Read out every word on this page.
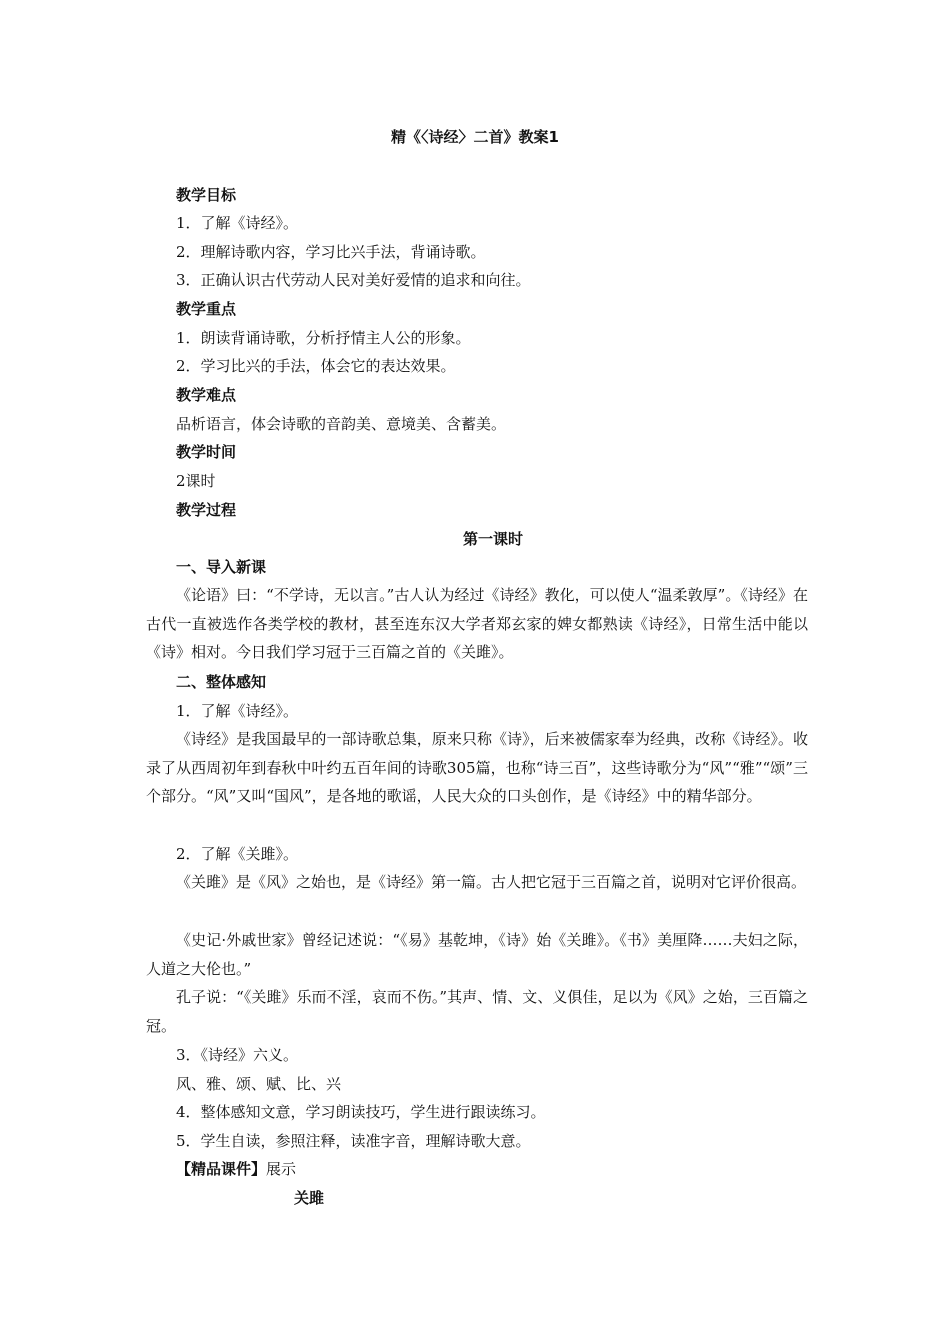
精《〈诗经〉二首》教案1
教学目标
1．了解《诗经》。
2．理解诗歌内容，学习比兴手法，背诵诗歌。
3．正确认识古代劳动人民对美好爱情的追求和向往。
教学重点
1．朗读背诵诗歌，分析抒情主人公的形象。
2．学习比兴的手法，体会它的表达效果。
教学难点
品析语言，体会诗歌的音韵美、意境美、含蓄美。
教学时间
2课时
教学过程
第一课时
一、导入新课
《论语》曰：“不学诗，无以言。”古人认为经过《诗经》教化，可以使人“温柔敦厚”。《诗经》在古代一直被选作各类学校的教材，甚至连东汉大学者郑玄家的婢女都熟读《诗经》，日常生活中能以《诗》相对。今日我们学习冠于三百篇之首的《关雎》。
二、整体感知
1．了解《诗经》。
《诗经》是我国最早的一部诗歌总集，原来只称《诗》，后来被儒家奉为经典，改称《诗经》。收录了从西周初年到春秋中叶约五百年间的诗歌305篇，也称“诗三百”，这些诗歌分为“风”“雅”“颂”三个部分。“风”又叫“国风”，是各地的歌谣，人民大众的口头创作，是《诗经》中的精华部分。
2．了解《关雎》。
《关雎》是《风》之始也，是《诗经》第一篇。古人把它冠于三百篇之首，说明对它评价很高。
《史记·外戚世家》曾经记述说：“《易》基乾坤，《诗》始《关雎》。《书》美厘降……夫妇之际，人道之大伦也。”
孔子说：“《关雎》乐而不淫，哀而不伤。”其声、情、文、义俱佳，足以为《风》之始，三百篇之冠。
3．《诗经》六义。
风、雅、颂、赋、比、兴
4．整体感知文意，学习朗读技巧，学生进行跟读练习。
5．学生自读，参照注释，读准字音，理解诗歌大意。
【精品课件】展示
关雎
